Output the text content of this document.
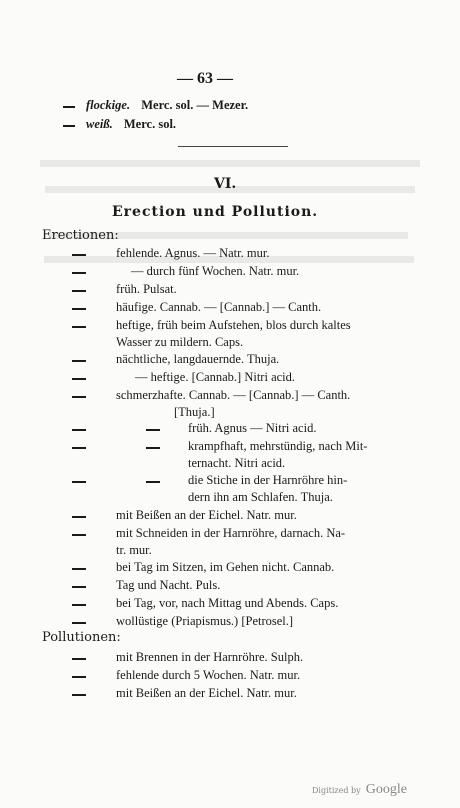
— 63 —
flockige. Merc. sol. — Mezer.
weiß. Merc. sol.
VI.
Erection und Pollution.
Erectionen:
fehlende. Agnus. — Natr. mur.
— durch fünf Wochen. Natr. mur.
früh. Pulsat.
häufige. Cannab. — [Cannab.] — Canth.
heftige, früh beim Aufstehen, blos durch kaltes
Wasser zu mildern. Caps.
nächtliche, langdauernde. Thuja.
— heftige. [Cannab.] Nitri acid.
schmerzhafte. Cannab. — [Cannab.] — Canth.
[Thuja.]
früh. Agnus — Nitri acid.
krampfhaft, mehrstündig, nach Mit-
ternacht. Nitri acid.
die Stiche in der Harnröhre hin-
dern ihn am Schlafen. Thuja.
mit Beißen an der Eichel. Natr. mur.
mit Schneiden in der Harnröhre, darnach. Na-
tr. mur.
bei Tag im Sitzen, im Gehen nicht. Cannab.
Tag und Nacht. Puls.
bei Tag, vor, nach Mittag und Abends. Caps.
wollüstige (Priapismus.) [Petrosel.]
Pollutionen:
mit Brennen in der Harnröhre. Sulph.
fehlende durch 5 Wochen. Natr. mur.
mit Beißen an der Eichel. Natr. mur.
Digitized by Google
